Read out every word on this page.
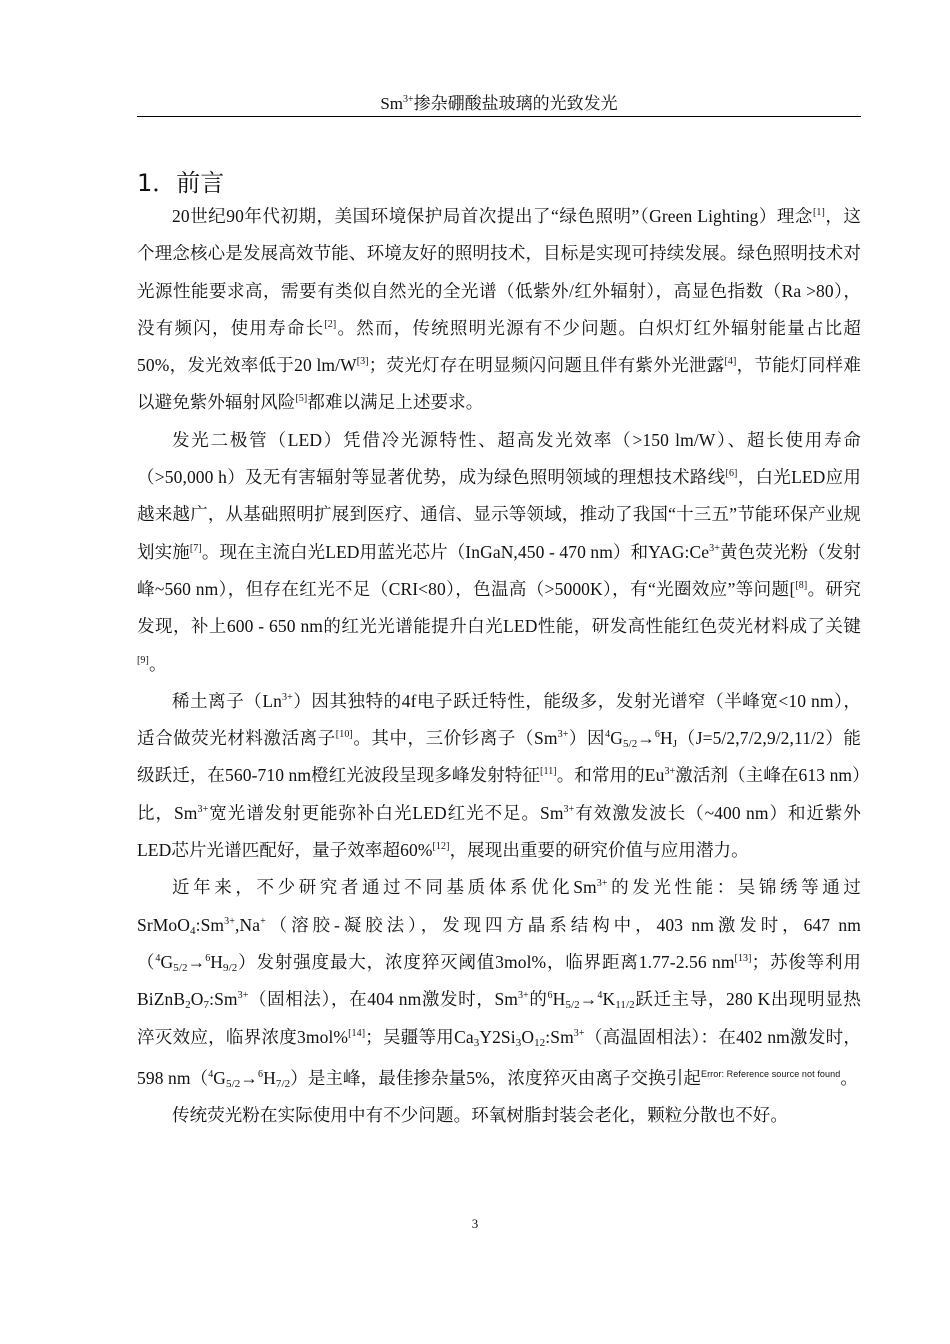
$Sm^{3+}$掺杂硼酸盐玻璃的光致发光
1．前言

20世纪90年代初期，美国环境保护局首次提出了“绿色照明”（Green Lighting）理念[1]，这个理念核心是发展高效节能、环境友好的照明技术，目标是实现可持续发展。绿色照明技术对光源性能要求高，需要有类似自然光的全光谱（低紫外/红外辐射），高显色指数（Ra >80），没有频闪，使用寿命长[2]。然而，传统照明光源有不少问题。白炽灯红外辐射能量占比超50%，发光效率低于20 lm/W[3]；荧光灯存在明显频闪问题且伴有紫外光泄露[4]，节能灯同样难以避免紫外辐射风险[5]都难以满足上述要求。

发光二极管（LED）凭借冷光源特性、超高发光效率（>150 lm/W）、超长使用寿命（>50,000 h）及无有害辐射等显著优势，成为绿色照明领域的理想技术路线[6]，白光LED应用越来越广，从基础照明扩展到医疗、通信、显示等领域，推动了我国“十三五”节能环保产业规划实施[7]。现在主流白光LED用蓝光芯片（InGaN,450 - 470 nm）和$YAG:Ce^{3+}$黄色荧光粉（发射峰~560 nm），但存在红光不足（CRI<80），色温高（>5000K），有“光圈效应”等问题[[8]。研究发现，补上600 - 650 nm的红光光谱能提升白光LED性能，研发高性能红色荧光材料成了关键[9]。

稀土离子$(Ln^{3+})$因其独特的4f电子跃迁特性，能级多，发射光谱窄（半峰宽<10 nm），适合做荧光材料激活离子[10]。其中，三价钐离子$(Sm^{3+})$因$^4G_{5/2}\to^6H_J(J=5/2,7/2,9/2,11/2)$能级跃迁，在560-710 nm橙红光波段呈现多峰发射特征[11]。和常用的$Eu^{3+}$激活剂（主峰在613 nm）比，$Sm^{3+}$宽光谱发射更能弥补白光LED红光不足。$Sm^{3+}$有效激发波长（~400 nm）和近紫外LED芯片光谱匹配好，量子效率超60%[12]，展现出重要的研究价值与应用潜力。

近年来，不少研究者通过不同基质体系优化$Sm^{3+}$的发光性能：吴锦绣等通过$SrMoO_4:Sm^{3+},Na^+$（溶胶-凝胶法），发现四方晶系结构中，403 nm激发时，647 $nm(^4G_{5/2}\to^6H_{9/2})$发射强度最大，浓度猝灭阈值3mol%，临界距离1.77-2.56 nm[13]；苏俊等利用$BiZnB_2O_7:Sm^{3+}$（固相法），在404 nm激发时，$Sm^{3+}$的$^6H_{5/2}\to^4K_{11/2}$跃迁主导，280 K出现明显热淬灭效应，临界浓度3mol%[14]；吴疆等用$Ca_3Y2Si_3O_{12}:Sm^{3+}$（高温固相法）：在402 nm激发时，598 $nm(^4G_{5/2}\to^6H_{7/2})$是主峰，最佳掺杂量5%，浓度猝灭由离子交换引起$^{Error: Reference source not found}$。

传统荧光粉在实际使用中有不少问题。环氧树脂封装会老化，颗粒分散也不好。

3
